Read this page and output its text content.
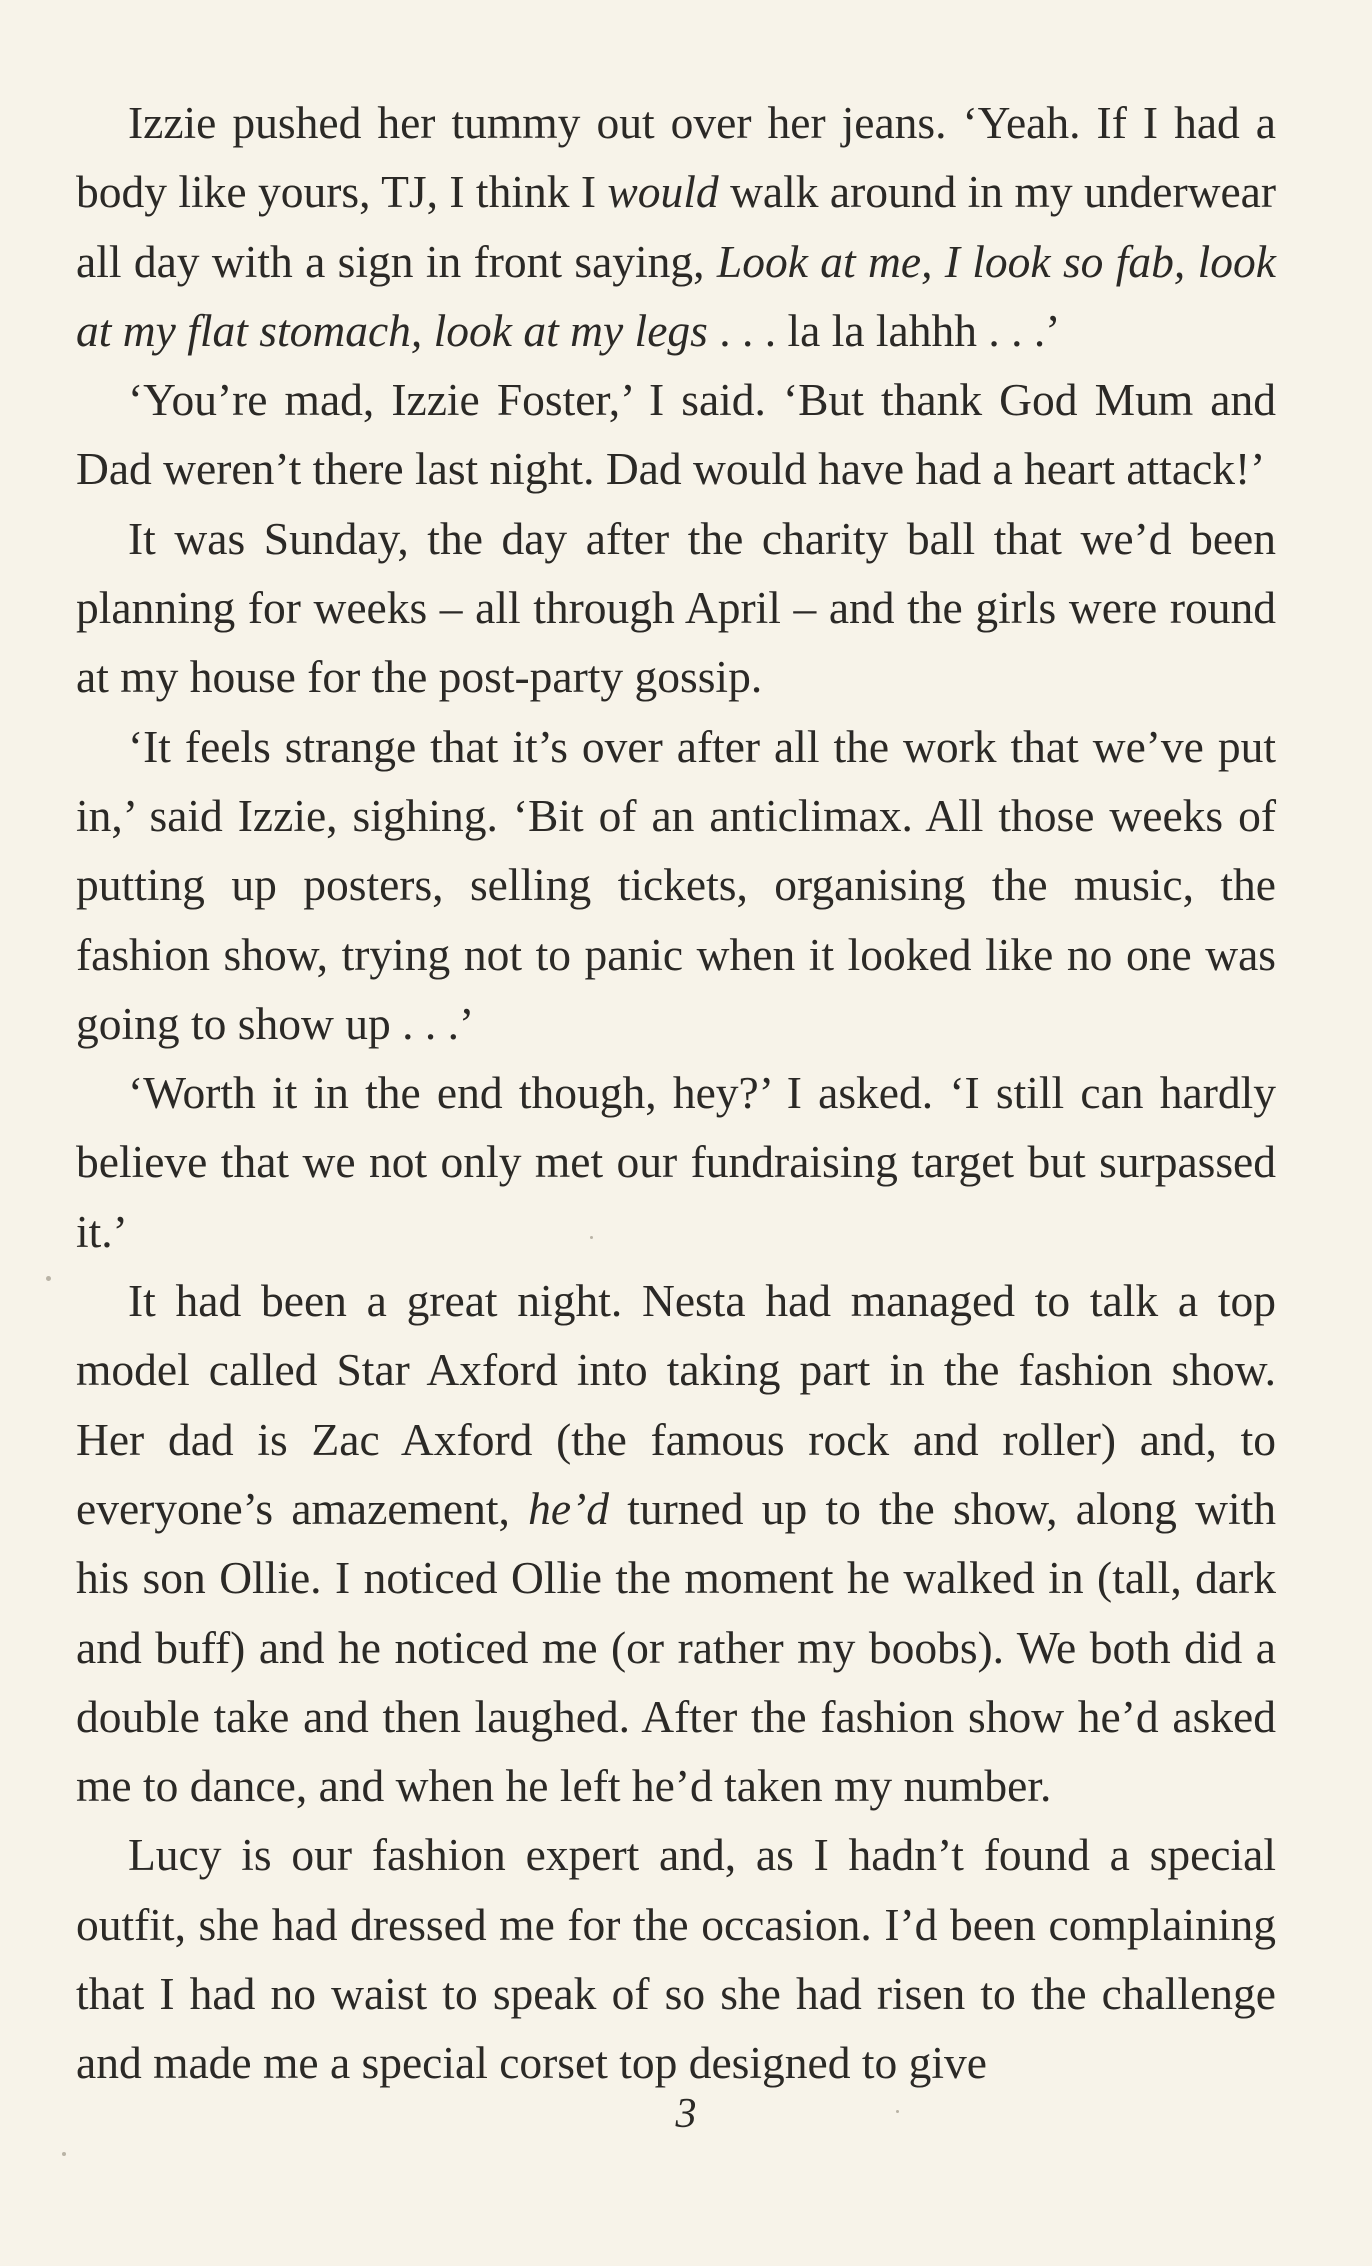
Izzie pushed her tummy out over her jeans. ‘Yeah. If I had a body like yours, TJ, I think I would walk around in my underwear all day with a sign in front saying, Look at me, I look so fab, look at my flat stomach, look at my legs . . . la la lahhh . . .’

‘You’re mad, Izzie Foster,’ I said. ‘But thank God Mum and Dad weren’t there last night. Dad would have had a heart attack!’

It was Sunday, the day after the charity ball that we’d been planning for weeks – all through April – and the girls were round at my house for the post-party gossip.

‘It feels strange that it’s over after all the work that we’ve put in,’ said Izzie, sighing. ‘Bit of an anticlimax. All those weeks of putting up posters, selling tickets, organising the music, the fashion show, trying not to panic when it looked like no one was going to show up . . .’

‘Worth it in the end though, hey?’ I asked. ‘I still can hardly believe that we not only met our fundraising target but surpassed it.’

It had been a great night. Nesta had managed to talk a top model called Star Axford into taking part in the fashion show. Her dad is Zac Axford (the famous rock and roller) and, to everyone’s amazement, he’d turned up to the show, along with his son Ollie. I noticed Ollie the moment he walked in (tall, dark and buff) and he noticed me (or rather my boobs). We both did a double take and then laughed. After the fashion show he’d asked me to dance, and when he left he’d taken my number.

Lucy is our fashion expert and, as I hadn’t found a special outfit, she had dressed me for the occasion. I’d been complaining that I had no waist to speak of so she had risen to the challenge and made me a special corset top designed to give

3
